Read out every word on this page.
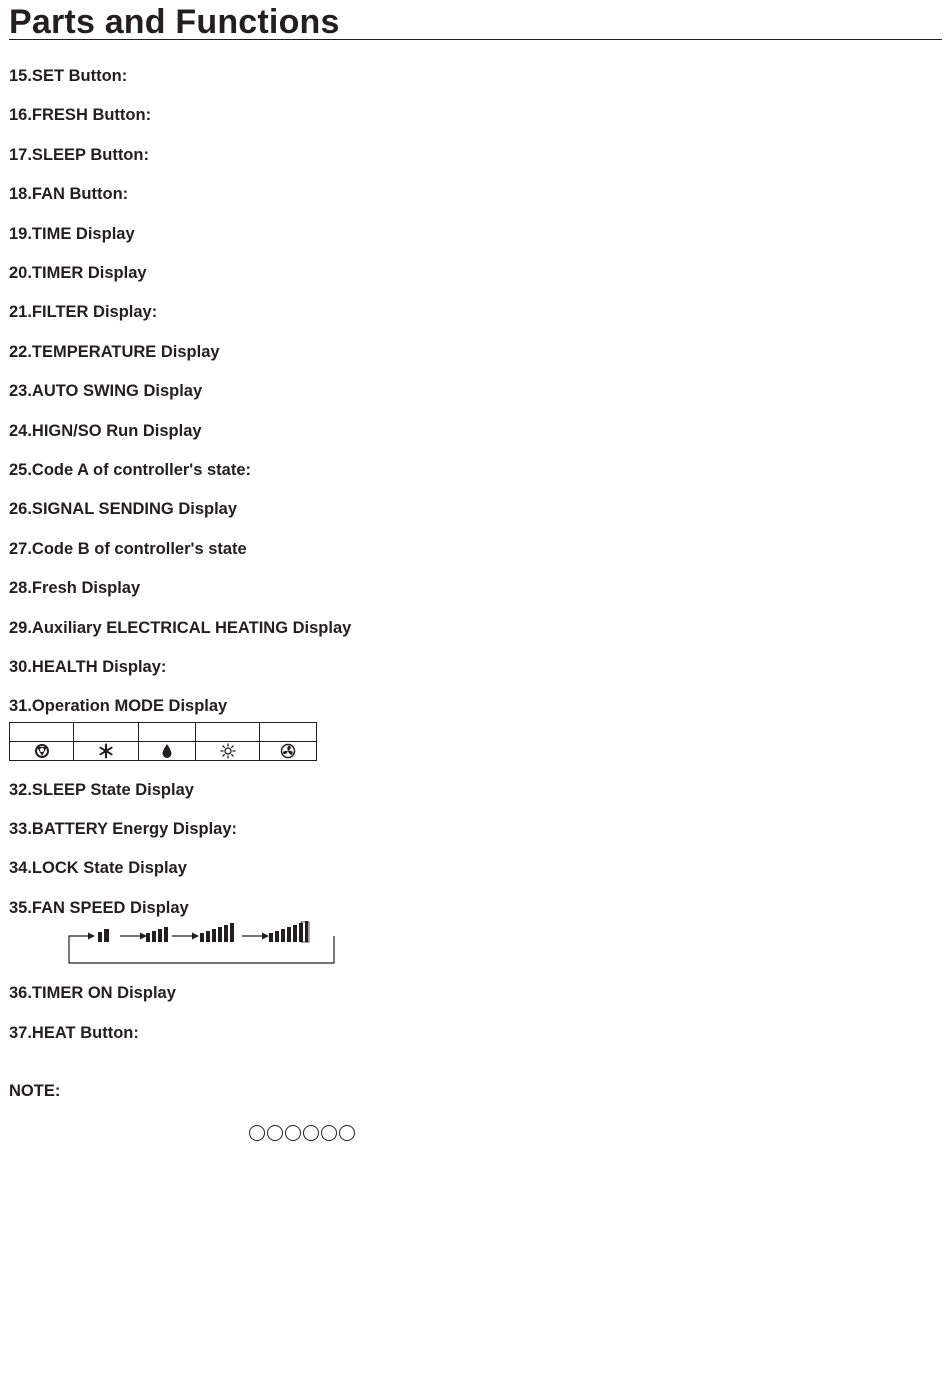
Parts and Functions

15.SET Button:

16.FRESH Button:

17.SLEEP Button:

18.FAN Button:

19.TIME Display

20.TIMER Display

21.FILTER Display:

22.TEMPERATURE Display

23.AUTO SWING Display

24.HIGN/SO Run Display

25.Code A of controller's state:

26.SIGNAL SENDING Display

27.Code B of controller's state

28.Fresh Display

29.Auxiliary ELECTRICAL HEATING Display

30.HEALTH Display:

31.Operation MODE Display

32.SLEEP State Display

33.BATTERY Energy Display:

34.LOCK State Display

35.FAN SPEED Display

36.TIMER ON Display

37.HEAT Button:

NOTE:
